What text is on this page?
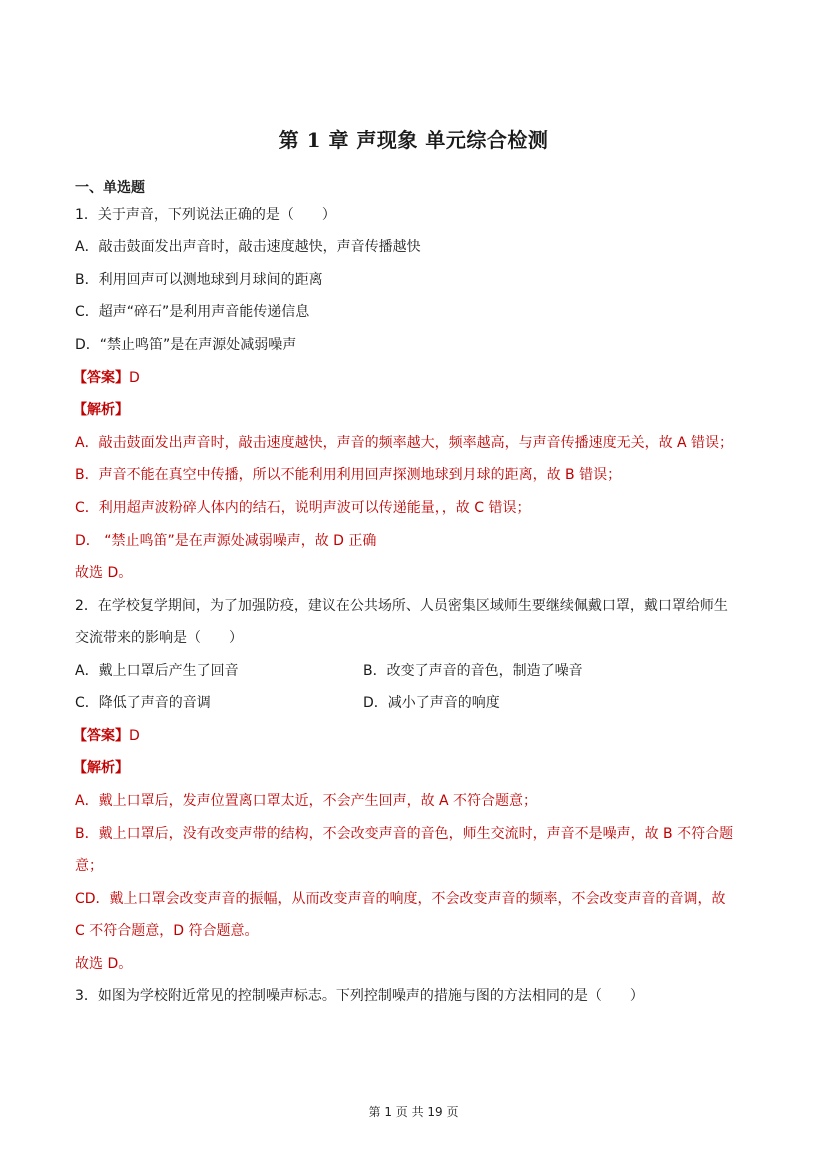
第 1 章 声现象 单元综合检测
一、单选题
1．关于声音，下列说法正确的是（　　）
A．敲击鼓面发出声音时，敲击速度越快，声音传播越快
B．利用回声可以测地球到月球间的距离
C．超声“碎石”是利用声音能传递信息
D．“禁止鸣笛”是在声源处减弱噪声
【答案】D
【解析】
A．敲击鼓面发出声音时，敲击速度越快，声音的频率越大，频率越高，与声音传播速度无关，故 A 错误；
B．声音不能在真空中传播，所以不能利用利用回声探测地球到月球的距离，故 B 错误；
C．利用超声波粉碎人体内的结石，说明声波可以传递能量，，故 C 错误；
D． “禁止鸣笛”是在声源处减弱噪声，故 D 正确
故选 D。
2．在学校复学期间，为了加强防疫，建议在公共场所、人员密集区域师生要继续佩戴口罩，戴口罩给师生
交流带来的影响是（　　）
A．戴上口罩后产生了回音	B．改变了声音的音色，制造了噪音
C．降低了声音的音调	D．减小了声音的响度
【答案】D
【解析】
A．戴上口罩后，发声位置离口罩太近，不会产生回声，故 A 不符合题意；
B．戴上口罩后，没有改变声带的结构，不会改变声音的音色，师生交流时，声音不是噪声，故 B 不符合题
意；
CD．戴上口罩会改变声音的振幅，从而改变声音的响度，不会改变声音的频率，不会改变声音的音调，故
C 不符合题意，D 符合题意。
故选 D。
3．如图为学校附近常见的控制噪声标志。下列控制噪声的措施与图的方法相同的是（　　）
第 1 页 共 19 页
